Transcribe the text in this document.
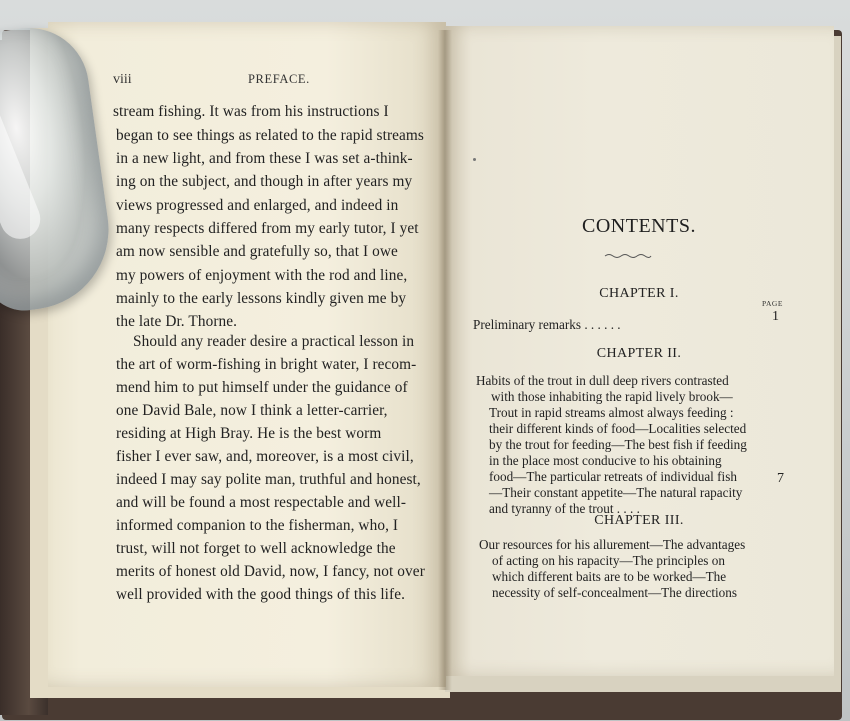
viii	PREFACE.
stream fishing. It was from his instructions I
began to see things as related to the rapid streams
in a new light, and from these I was set a-think-
ing on the subject, and though in after years my
views progressed and enlarged, and indeed in
many respects differed from my early tutor, I yet
am now sensible and gratefully so, that I owe
my powers of enjoyment with the rod and line,
mainly to the early lessons kindly given me by
the late Dr. Thorne.
Should any reader desire a practical lesson in
the art of worm-fishing in bright water, I recom-
mend him to put himself under the guidance of
one David Bale, now I think a letter-carrier,
residing at High Bray. He is the best worm
fisher I ever saw, and, moreover, is a most civil,
indeed I may say polite man, truthful and honest,
and will be found a most respectable and well-
informed companion to the fisherman, who, I
trust, will not forget to well acknowledge the
merits of honest old David, now, I fancy, not over
well provided with the good things of this life.
CONTENTS.
CHAPTER I.
PAGE
Preliminary remarks . . . . . .
1
CHAPTER II.
Habits of the trout in dull deep rivers contrasted
with those inhabiting the rapid lively brook—
Trout in rapid streams almost always feeding :
their different kinds of food—Localities selected
by the trout for feeding—The best fish if feeding
in the place most conducive to his obtaining
food—The particular retreats of individual fish
—Their constant appetite—The natural rapacity
and tyranny of the trout . . . .
7
CHAPTER III.
Our resources for his allurement—The advantages
of acting on his rapacity—The principles on
which different baits are to be worked—The
necessity of self-concealment—The directions
